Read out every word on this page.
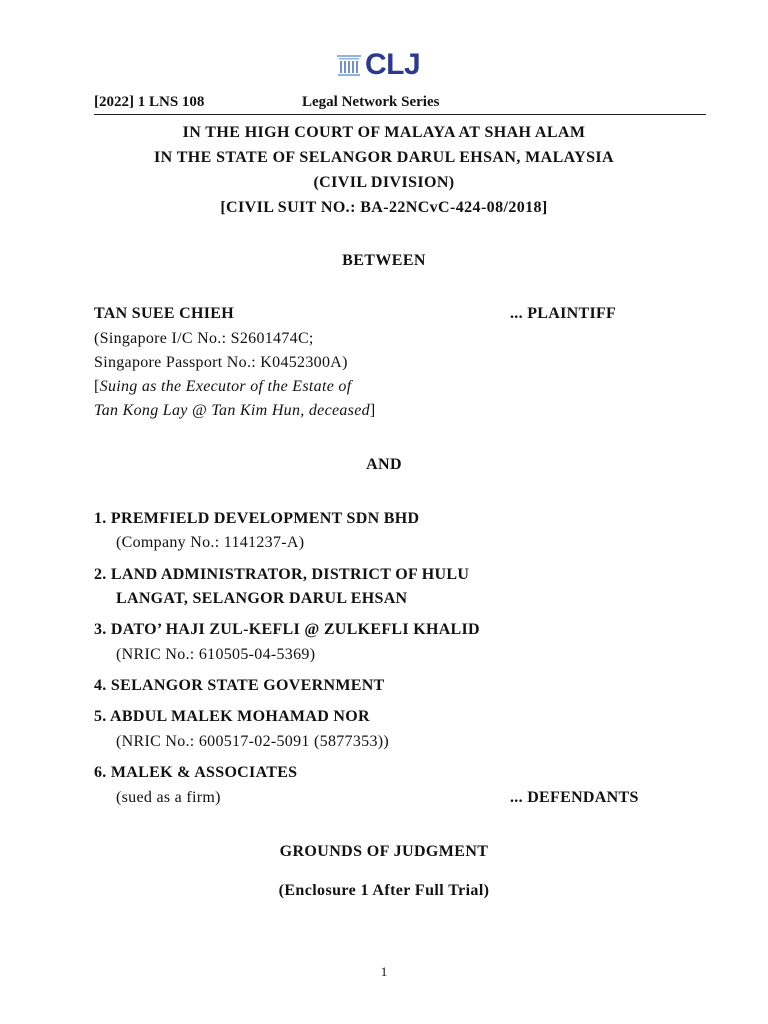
CLJ
[2022] 1 LNS 108	Legal Network Series
IN THE HIGH COURT OF MALAYA AT SHAH ALAM
IN THE STATE OF SELANGOR DARUL EHSAN, MALAYSIA
(CIVIL DIVISION)
[CIVIL SUIT NO.: BA-22NCvC-424-08/2018]
BETWEEN
TAN SUEE CHIEH	... PLAINTIFF
(Singapore I/C No.: S2601474C;
Singapore Passport No.: K0452300A)
[Suing as the Executor of the Estate of
Tan Kong Lay @ Tan Kim Hun, deceased]
AND
1. PREMFIELD DEVELOPMENT SDN BHD
(Company No.: 1141237-A)
2. LAND ADMINISTRATOR, DISTRICT OF HULU
LANGAT, SELANGOR DARUL EHSAN
3. DATO’ HAJI ZUL-KEFLI @ ZULKEFLI KHALID
(NRIC No.: 610505-04-5369)
4. SELANGOR STATE GOVERNMENT
5. ABDUL MALEK MOHAMAD NOR
(NRIC No.: 600517-02-5091 (5877353))
6. MALEK & ASSOCIATES
(sued as a firm)	... DEFENDANTS
GROUNDS OF JUDGMENT
(Enclosure 1 After Full Trial)
1
